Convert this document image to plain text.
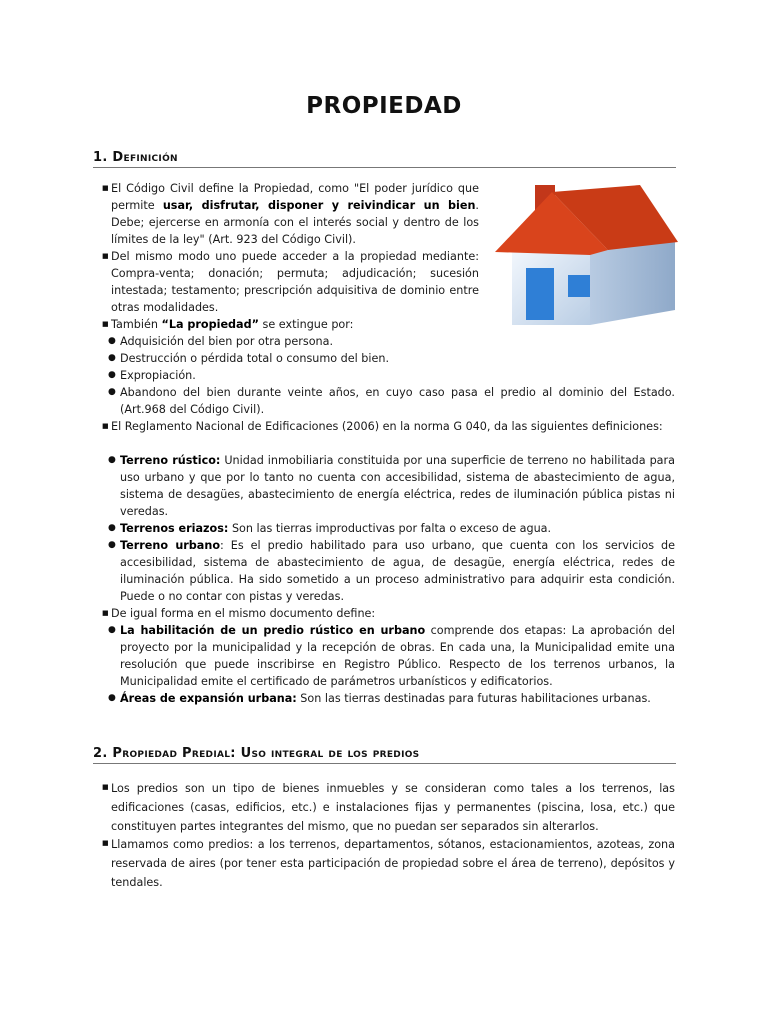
PROPIEDAD
1. Definición
■ El Código Civil define la Propiedad, como "El poder jurídico que permite usar, disfrutar, disponer y reivindicar un bien. Debe; ejercerse en armonía con el interés social y dentro de los límites de la ley" (Art. 923 del Código Civil).
■ Del mismo modo uno puede acceder a la propiedad mediante: Compra-venta; donación; permuta; adjudicación; sucesión intestada; testamento; prescripción adquisitiva de dominio entre otras modalidades.
■ También “La propiedad” se extingue por:
● Adquisición del bien por otra persona.
● Destrucción o pérdida total o consumo del bien.
● Expropiación.
● Abandono del bien durante veinte años, en cuyo caso pasa el predio al dominio del Estado. (Art.968 del Código Civil).
■ El Reglamento Nacional de Edificaciones (2006) en la norma G 040, da las siguientes definiciones:
● Terreno rústico: Unidad inmobiliaria constituida por una superficie de terreno no habilitada para uso urbano y que por lo tanto no cuenta con accesibilidad, sistema de abastecimiento de agua, sistema de desagües, abastecimiento de energía eléctrica, redes de iluminación pública pistas ni veredas.
● Terrenos eriazos: Son las tierras improductivas por falta o exceso de agua.
● Terreno urbano: Es el predio habilitado para uso urbano, que cuenta con los servicios de accesibilidad, sistema de abastecimiento de agua, de desagüe, energía eléctrica, redes de iluminación pública. Ha sido sometido a un proceso administrativo para adquirir esta condición. Puede o no contar con pistas y veredas.
■ De igual forma en el mismo documento define:
● La habilitación de un predio rústico en urbano comprende dos etapas: La aprobación del proyecto por la municipalidad y la recepción de obras. En cada una, la Municipalidad emite una resolución que puede inscribirse en Registro Público. Respecto de los terrenos urbanos, la Municipalidad emite el certificado de parámetros urbanísticos y edificatorios.
● Áreas de expansión urbana: Son las tierras destinadas para futuras habilitaciones urbanas.
2. Propiedad Predial: Uso integral de los predios
■ Los predios son un tipo de bienes inmuebles y se consideran como tales a los terrenos, las edificaciones (casas, edificios, etc.) e instalaciones fijas y permanentes (piscina, losa, etc.) que constituyen partes integrantes del mismo, que no puedan ser separados sin alterarlos.
■ Llamamos como predios: a los terrenos, departamentos, sótanos, estacionamientos, azoteas, zona reservada de aires (por tener esta participación de propiedad sobre el área de terreno), depósitos y tendales.
